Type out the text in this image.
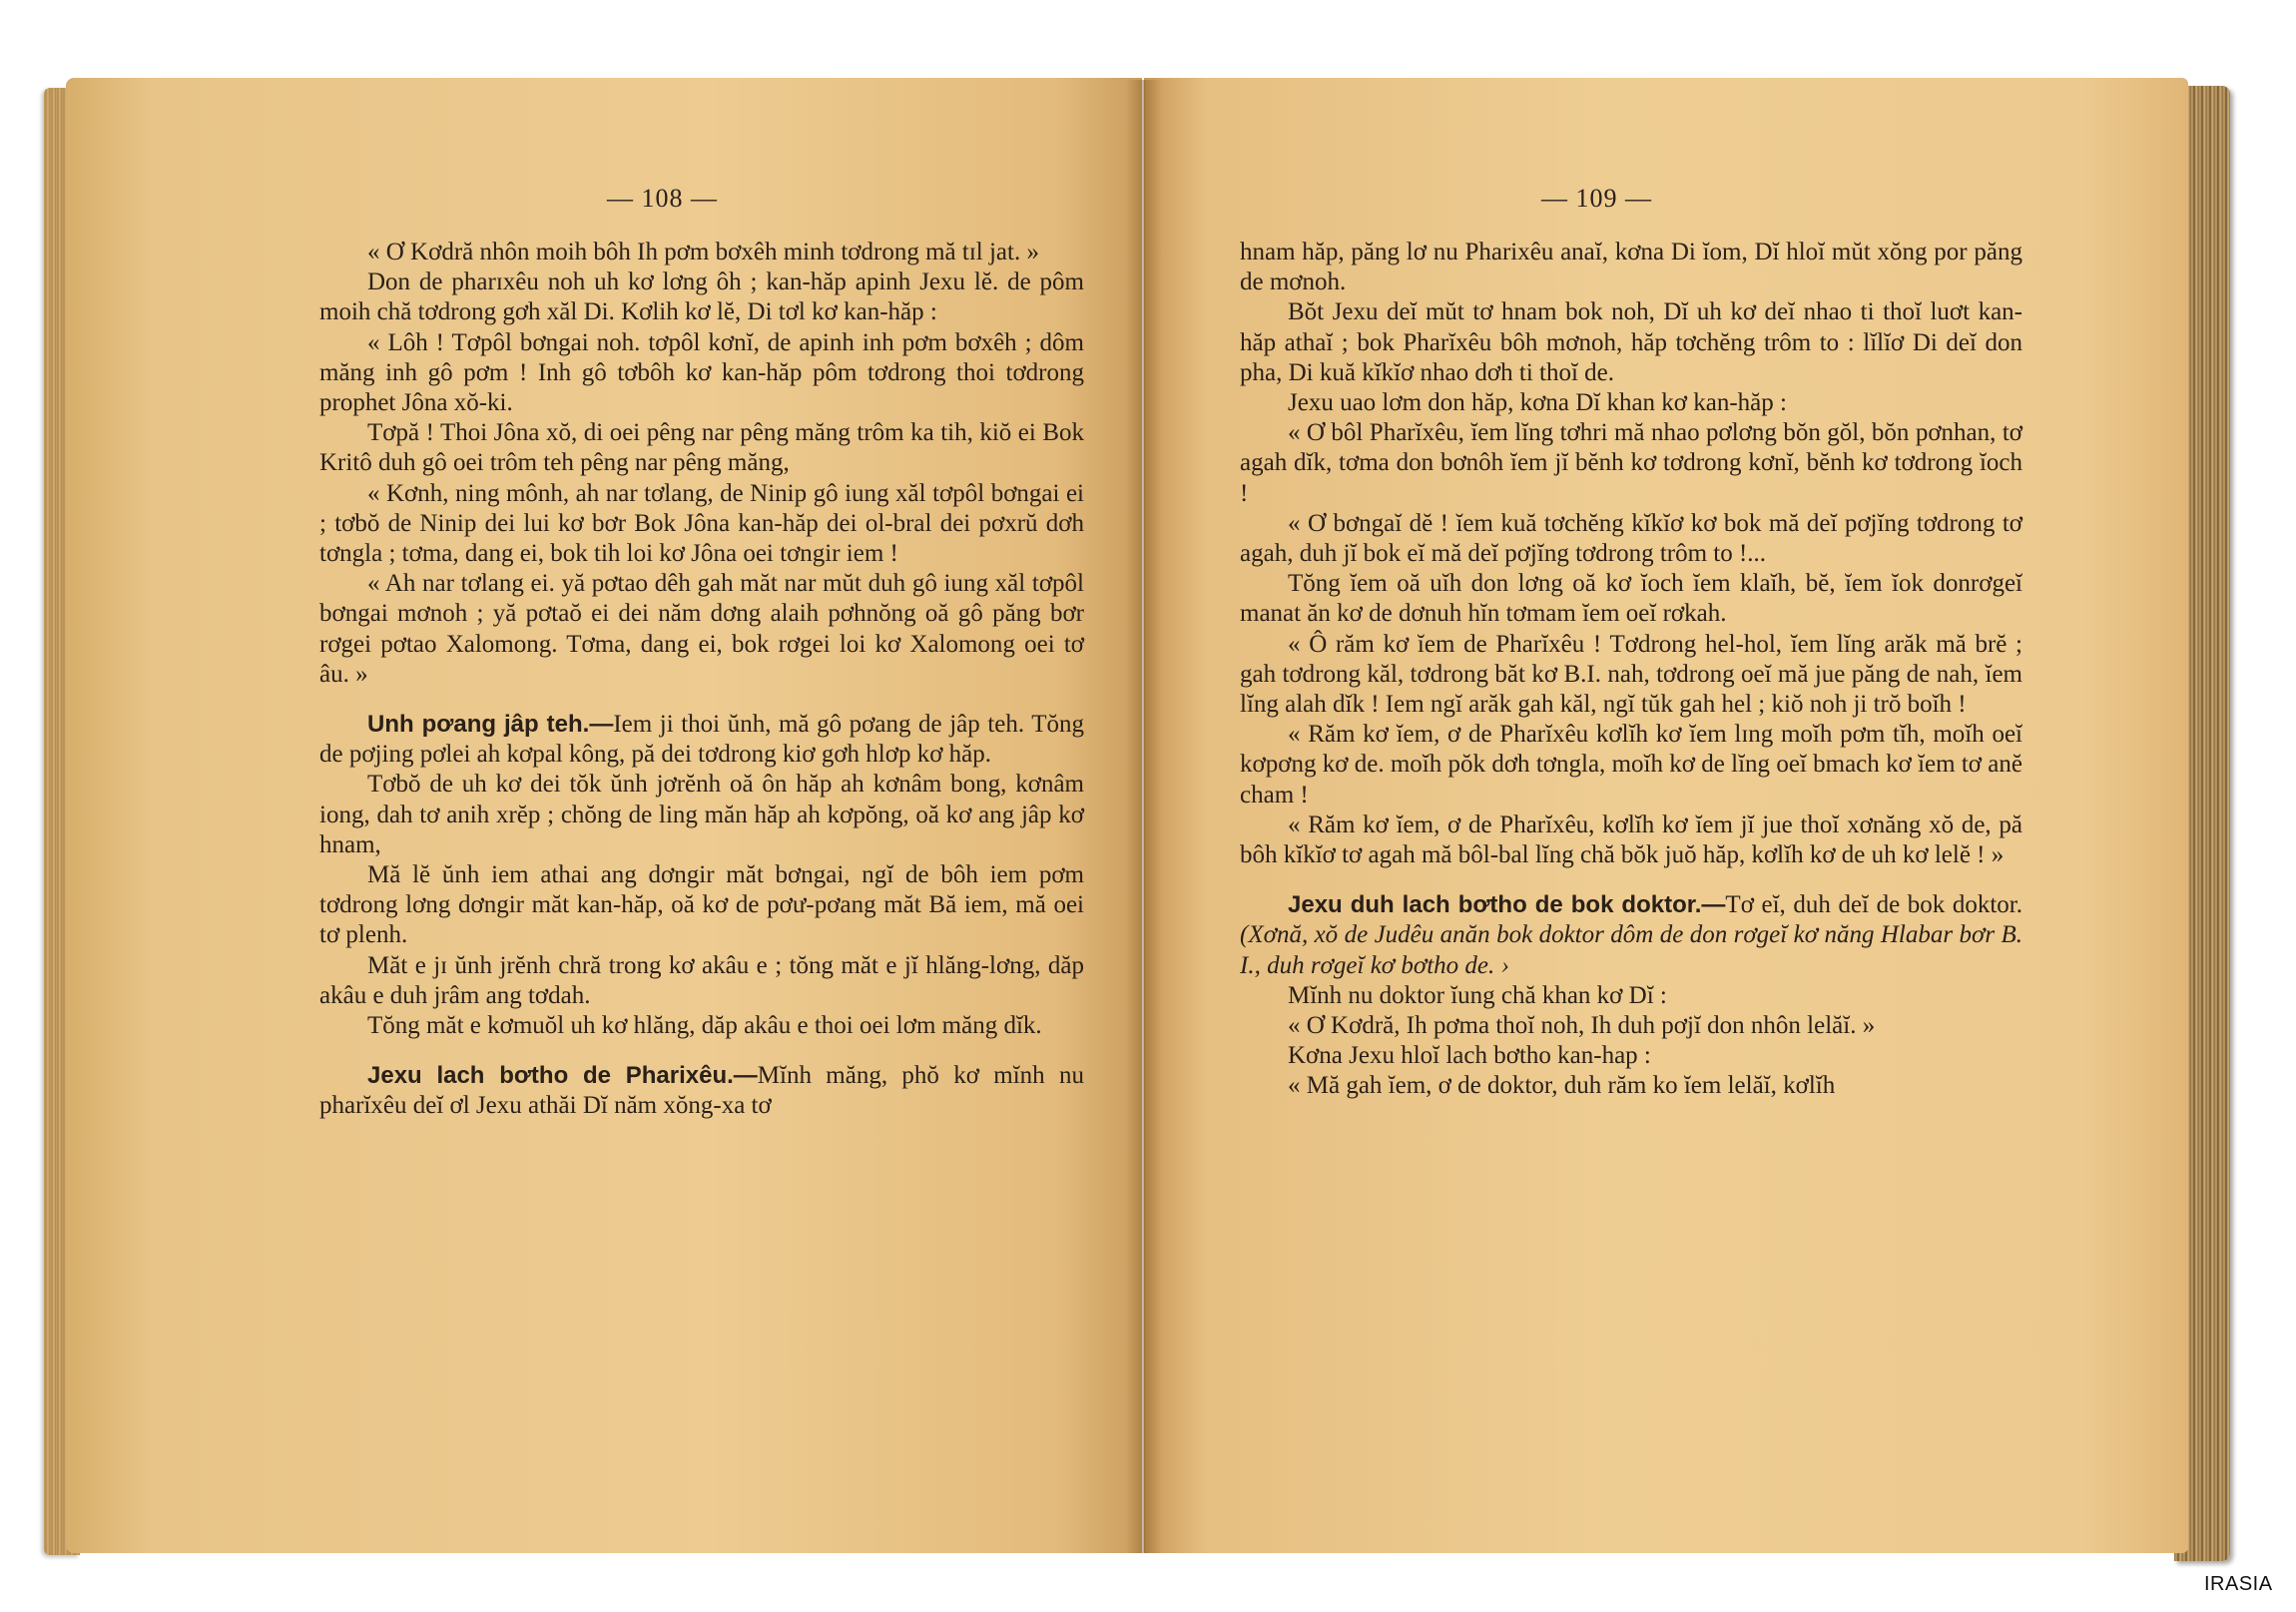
— 108 —

« Ơ Kơdră nhôn moih bôh Ih pơm bơxêh minh tơdrong mă tɪl jat. »

Don de pharɪxêu noh uh kơ lơng ôh ; kan-hăp apinh Jexu lĕ. de pôm moih chă tơdrong gơh xăl Di. Kơlih kơ lĕ, Di tơl kơ kan-hăp :

« Lôh ! Tơpôl bơngai noh. tơpôl kơnĭ, de apinh inh pơm bơxêh ; dôm măng inh gô pơm ! Inh gô tơbôh kơ kan-hăp pôm tơdrong thoi tơdrong prophet Jôna xŏ-ki.

Tơpă ! Thoi Jôna xŏ, di oei pêng nar pêng măng trôm ka tih, kiŏ ei Bok Kritô duh gô oei trôm teh pêng nar pêng măng,

« Kơnh, ning mônh, ah nar tơlang, de Ninip gô iung xăl tơpôl bơngai ei ; tơbŏ de Ninip dei lui kơ bơr Bok Jôna kan-hăp dei ol-bral dei pơxrŭ dơh tơngla ; tơma, dang ei, bok tih loi kơ Jôna oei tơngir iem !

« Ah nar tơlang ei. yă pơtao dêh gah măt nar mŭt duh gô iung xăl tơpôl bơngai mơnoh ; yă pơtaŏ ei dei năm dơng alaih pơhnŏng oă gô păng bơr rơgei pơtao Xalomong. Tơma, dang ei, bok rơgei loi kơ Xalomong oei tơ âu. »

Unh pơang jâp teh.—Iem ji thoi ŭnh, mă gô pơang de jâp teh. Tŏng de pơjing pơlei ah kơpal kông, pă dei tơdrong kiơ gơh hlơp kơ hăp.

Tơbŏ de uh kơ dei tŏk ŭnh jơrĕnh oă ôn hăp ah kơnâm bong, kơnâm iong, dah tơ anih xrĕp ; chŏng de ling măn hăp ah kơpŏng, oă kơ ang jâp kơ hnam,

Mă lĕ ŭnh iem athai ang dơngir măt bơngai, ngĭ de bôh iem pơm tơdrong lơng dơngir măt kan-hăp, oă kơ de pơư-pơang măt Bă iem, mă oei tơ plenh.

Măt e jɪ ŭnh jrĕnh chră trong kơ akâu e ; tŏng măt e jĭ hlăng-lơng, dăp akâu e duh jrâm ang tơdah.

Tŏng măt e kơmuŏl uh kơ hlăng, dăp akâu e thoi oei lơm măng dĭk.

Jexu lach bơtho de Pharixêu.—Mĭnh măng, phŏ kơ mĭnh nu pharĭxêu deĭ ơl Jexu athăi Dĭ năm xŏng-xa tơ

— 109 —

hnam hăp, păng lơ nu Pharixêu anaĭ, kơna Di ĭom, Dĭ hloĭ mŭt xŏng por păng de mơnoh.

Bŏt Jexu deĭ mŭt tơ hnam bok noh, Dĭ uh kơ deĭ nhao ti thoĭ luơt kan-hăp athaĭ ; bok Pharĭxêu bôh mơnoh, hăp tơchĕng trôm to : lĭlĭơ Di deĭ don pha, Di kuă kĭkĭơ nhao dơh ti thoĭ de.

Jexu uao lơm don hăp, kơna Dĭ khan kơ kan-hăp :

« Ơ bôl Pharĭxêu, ĭem lĭng tơhri mă nhao pơlơng bŏn gŏl, bŏn pơnhan, tơ agah dĭk, tơma don bơnôh ĭem jĭ bĕnh kơ tơdrong kơnĭ, bĕnh kơ tơdrong ĭoch !

« Ơ bơngaĭ dĕ ! ĭem kuă tơchĕng kĭkĭơ kơ bok mă deĭ pơjĭng tơdrong tơ agah, duh jĭ bok eĭ mă deĭ pơjĭng tơdrong trôm to !...

Tŏng ĭem oă uĭh don lơng oă kơ ĭoch ĭem klaĭh, bĕ, ĭem ĭok donrơgeĭ manat ăn kơ de dơnuh hĭn tơmam ĭem oeĭ rơkah.

« Ô răm kơ ĭem de Pharĭxêu ! Tơdrong hel-hol, ĭem lĭng arăk mă brĕ ; gah tơdrong kăl, tơdrong băt kơ B.I. nah, tơdrong oeĭ mă jue păng de nah, ĭem lĭng alah dĭk ! Iem ngĭ arăk gah kăl, ngĭ tŭk gah hel ; kiŏ noh ji trŏ boĭh !

« Răm kơ ĭem, ơ de Pharĭxêu kơlĭh kơ ĭem lɪng moĭh pơm tĭh, moĭh oeĭ kơpơng kơ de. moĭh pŏk dơh tơngla, moĭh kơ de lĭng oeĭ bmach kơ ĭem tơ anĕ cham !

« Răm kơ ĭem, ơ de Pharĭxêu, kơlĭh kơ ĭem jĭ jue thoĭ xơnăng xŏ de, pă bôh kĭkĭơ tơ agah mă bôl-bal lĭng chă bŏk juŏ hăp, kơlĭh kơ de uh kơ lelĕ ! »

Jexu duh lach bơtho de bok doktor.—Tơ eĭ, duh deĭ de bok doktor. (Xơnă, xŏ de Judêu anăn bok doktor dôm de don rơgeĭ kơ năng Hlabar bơr B. I., duh rơgeĭ kơ bơtho de. ›

Mĭnh nu doktor ĭung chă khan kơ Dĭ :

« Ơ Kơdră, Ih pơma thoĭ noh, Ih duh pơjĭ don nhôn lelăĭ. »

Kơna Jexu hloĭ lach bơtho kan-hap :

« Mă gah ĭem, ơ de doktor, duh răm ko ĭem lelăĭ, kơlĭh

IRASIA
